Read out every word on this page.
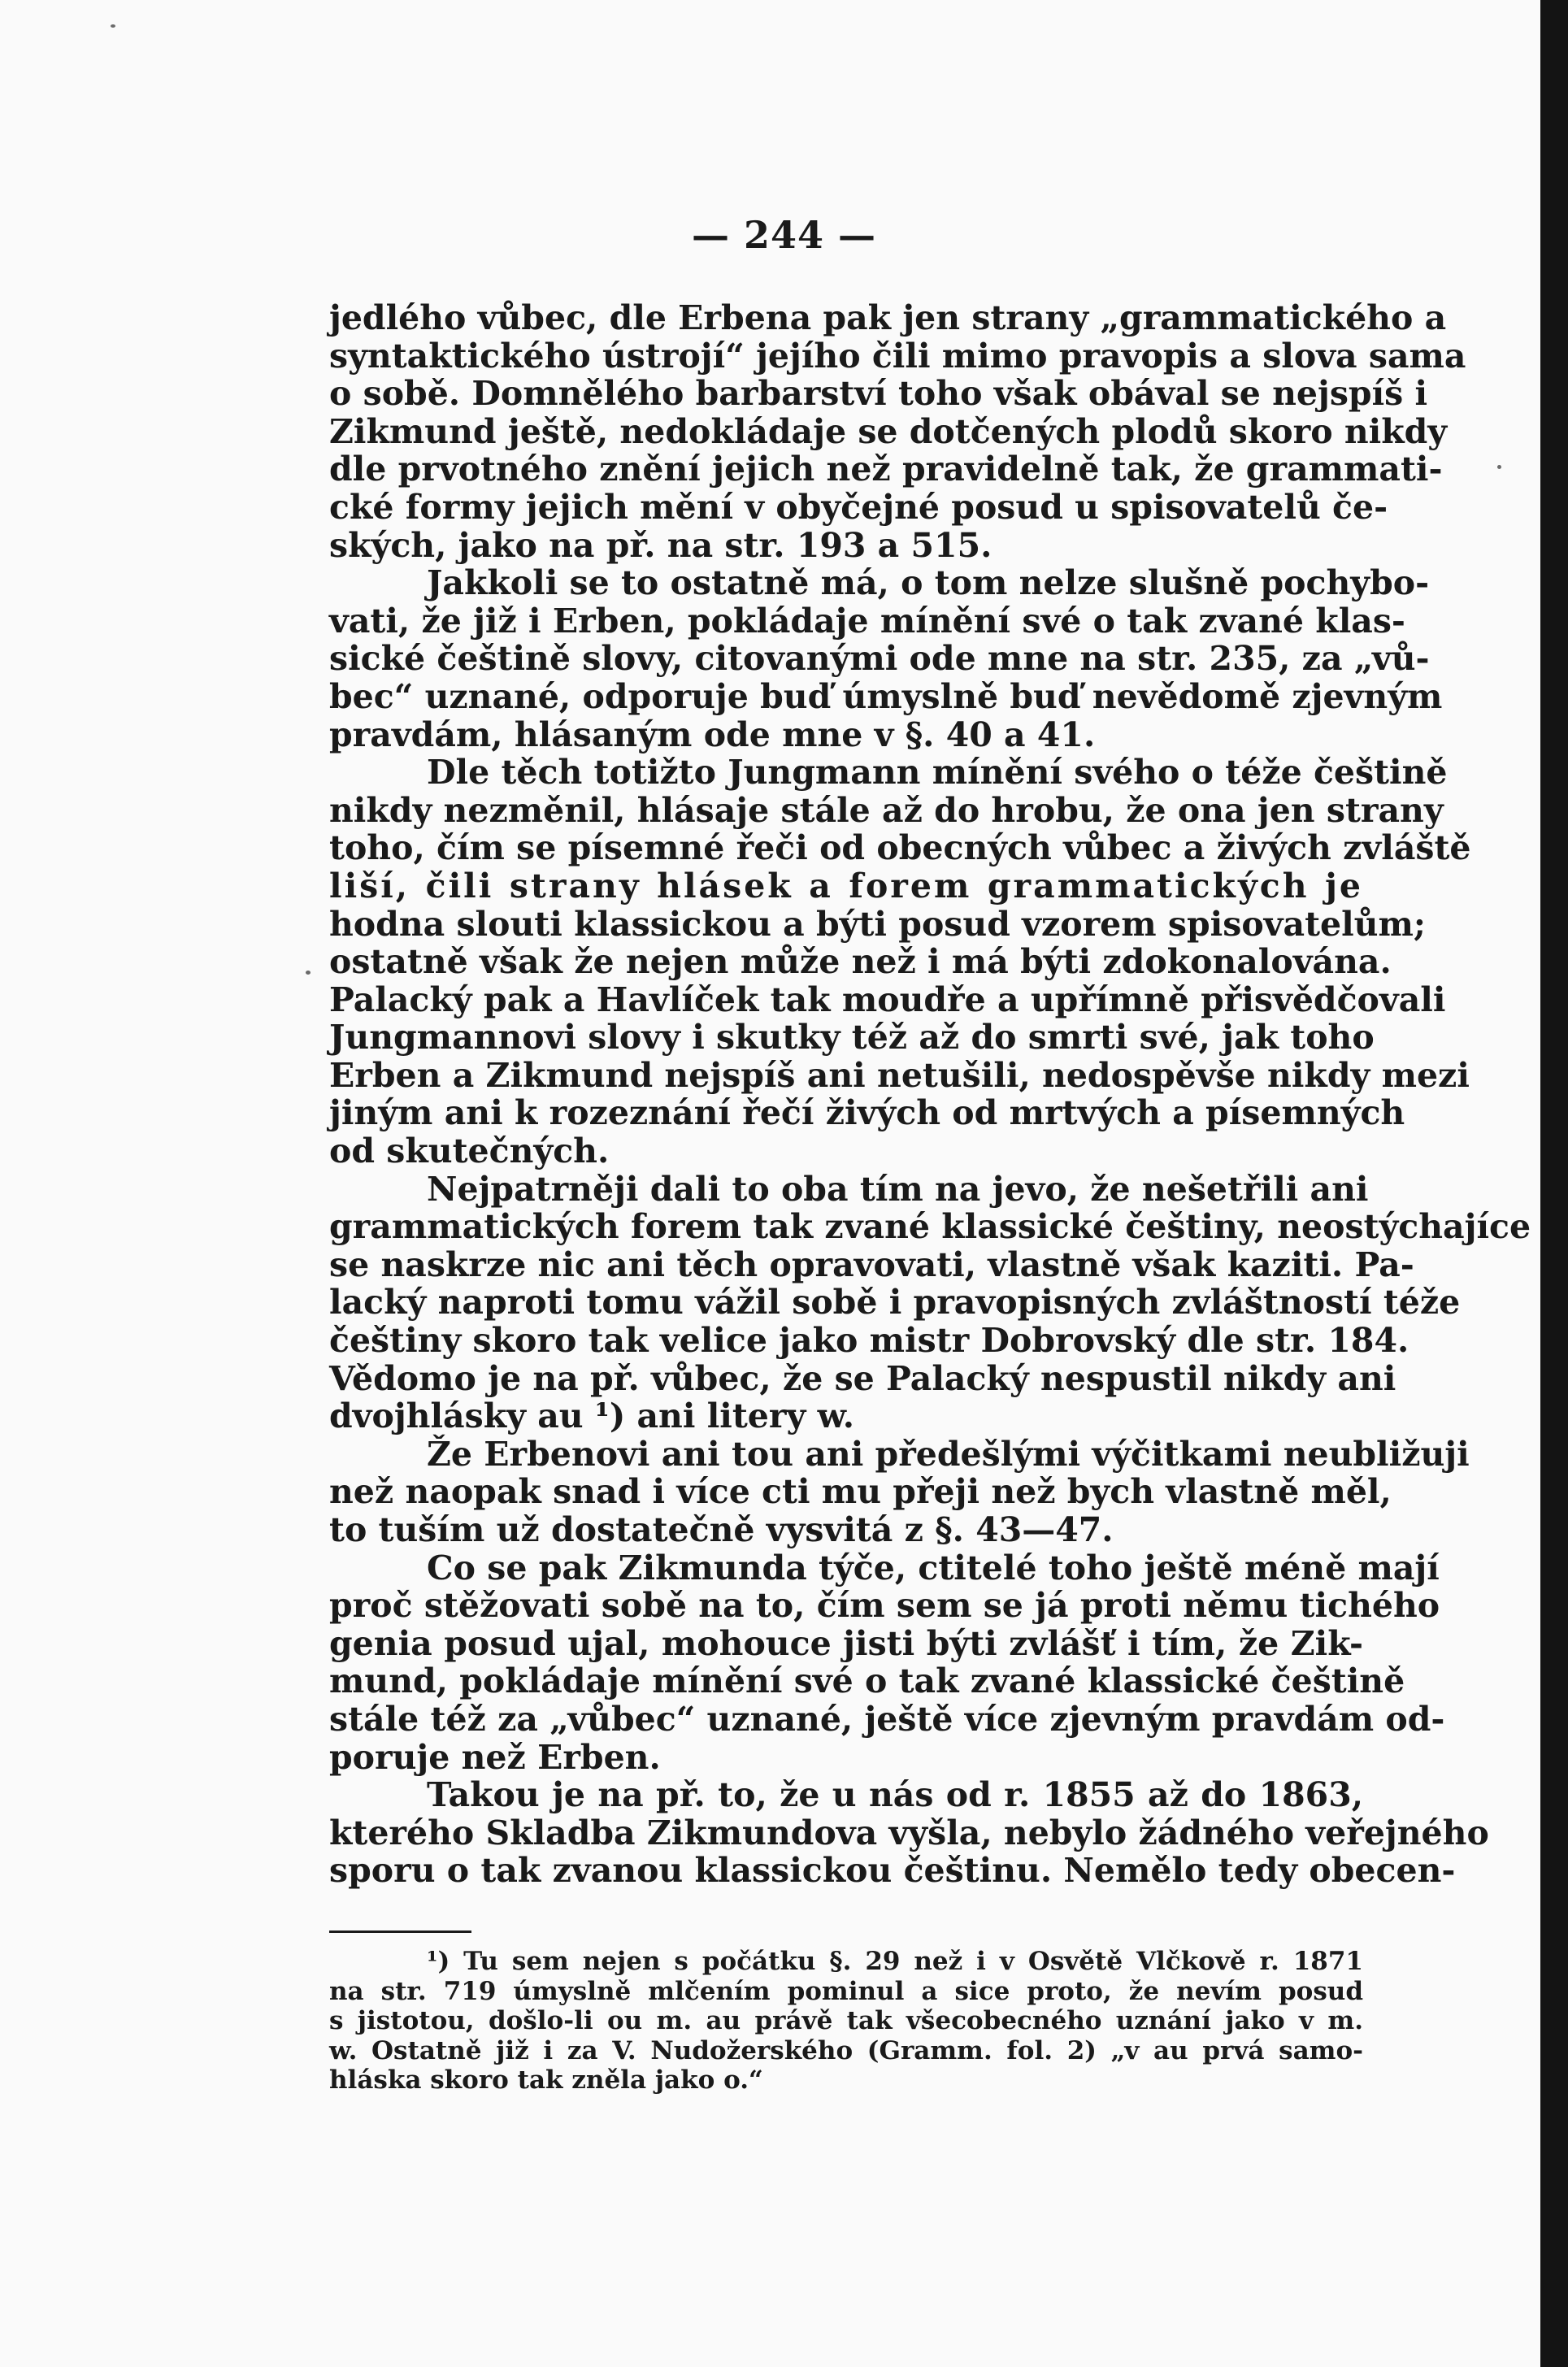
— 244 —
jedlého vůbec, dle Erbena pak jen strany „grammatického a
syntaktického ústrojí“ jejího čili mimo pravopis a slova sama
o sobě. Domnělého barbarství toho však obával se nejspíš i
Zikmund ještě, nedokládaje se dotčených plodů skoro nikdy
dle prvotného znění jejich než pravidelně tak, že grammati-
cké formy jejich mění v obyčejné posud u spisovatelů če-
ských, jako na př. na str. 193 a 515.
Jakkoli se to ostatně má, o tom nelze slušně pochybo-
vati, že již i Erben, pokládaje mínění své o tak zvané klas-
sické češtině slovy, citovanými ode mne na str. 235, za „vů-
bec“ uznané, odporuje buď úmyslně buď nevědomě zjevným
pravdám, hlásaným ode mne v §. 40 a 41.
Dle těch totižto Jungmann mínění svého o téže češtině
nikdy nezměnil, hlásaje stále až do hrobu, že ona jen strany
toho, čím se písemné řeči od obecných vůbec a živých zvláště
liší, čili strany hlásek a forem grammatických je
hodna slouti klassickou a býti posud vzorem spisovatelům;
ostatně však že nejen může než i má býti zdokonalována.
Palacký pak a Havlíček tak moudře a upřímně přisvědčovali
Jungmannovi slovy i skutky též až do smrti své, jak toho
Erben a Zikmund nejspíš ani netušili, nedospěvše nikdy mezi
jiným ani k rozeznání řečí živých od mrtvých a písemných
od skutečných.
Nejpatrněji dali to oba tím na jevo, že nešetřili ani
grammatických forem tak zvané klassické češtiny, neostýchajíce
se naskrze nic ani těch opravovati, vlastně však kaziti. Pa-
lacký naproti tomu vážil sobě i pravopisných zvláštností téže
češtiny skoro tak velice jako mistr Dobrovský dle str. 184.
Vědomo je na př. vůbec, že se Palacký nespustil nikdy ani
dvojhlásky au ¹) ani litery w.
Že Erbenovi ani tou ani předešlými výčitkami neubližuji
než naopak snad i více cti mu přeji než bych vlastně měl,
to tuším už dostatečně vysvitá z §. 43—47.
Co se pak Zikmunda týče, ctitelé toho ještě méně mají
proč stěžovati sobě na to, čím sem se já proti němu tichého
genia posud ujal, mohouce jisti býti zvlášť i tím, že Zik-
mund, pokládaje mínění své o tak zvané klassické češtině
stále též za „vůbec“ uznané, ještě více zjevným pravdám od-
poruje než Erben.
Takou je na př. to, že u nás od r. 1855 až do 1863,
kterého Skladba Zikmundova vyšla, nebylo žádného veřejného
sporu o tak zvanou klassickou češtinu. Nemělo tedy obecen-
¹) Tu sem nejen s počátku §. 29 než i v Osvětě Vlčkově r. 1871
na str. 719 úmyslně mlčením pominul a sice proto, že nevím posud
s jistotou, došlo-li ou m. au právě tak všecobecného uznání jako v m.
w. Ostatně již i za V. Nudožerského (Gramm. fol. 2) „v au prvá samo-
hláska skoro tak zněla jako o.“
